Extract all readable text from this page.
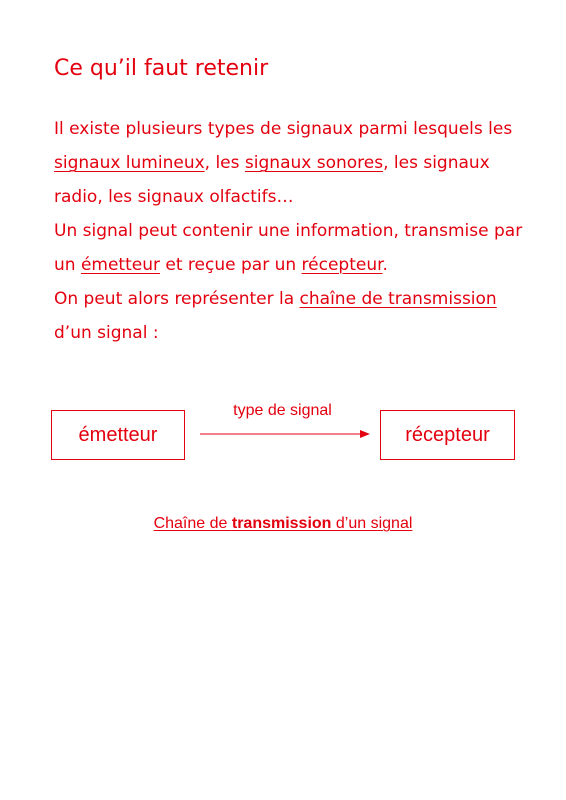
Ce qu’il faut retenir

Il existe plusieurs types de signaux parmi lesquels les signaux lumineux, les signaux sonores, les signaux radio, les signaux olfactifs…

Un signal peut contenir une information, transmise par un émetteur et reçue par un récepteur.

On peut alors représenter la chaîne de transmission d’un signal :

émetteur
type de signal
récepteur
Chaîne de transmission d’un signal
